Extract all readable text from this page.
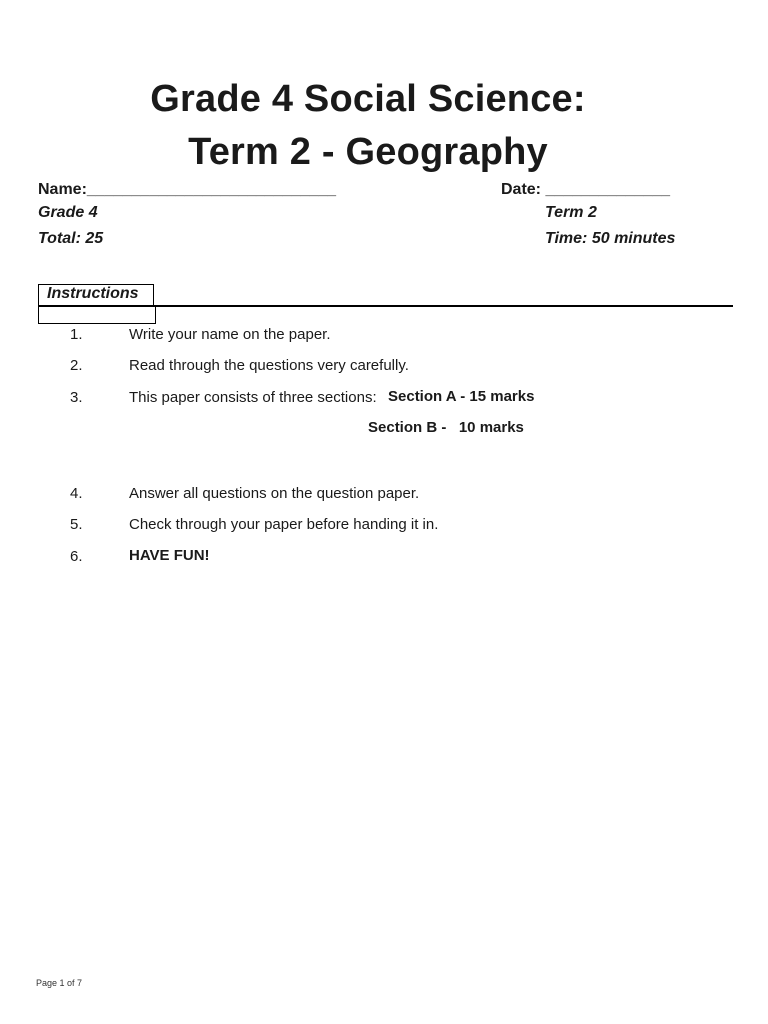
Grade 4 Social Science:
Term 2 - Geography
Name:____________________________	Date: ______________
Grade 4	Term 2
Total: 25	Time: 50 minutes
Instructions
1.	Write your name on the paper.
2.	Read through the questions very carefully.
3.	This paper consists of three sections: Section A - 15 marks
Section B -   10 marks
4.	Answer all questions on the question paper.
5.	Check through your paper before handing it in.
6.	HAVE FUN!
Page 1 of 7
